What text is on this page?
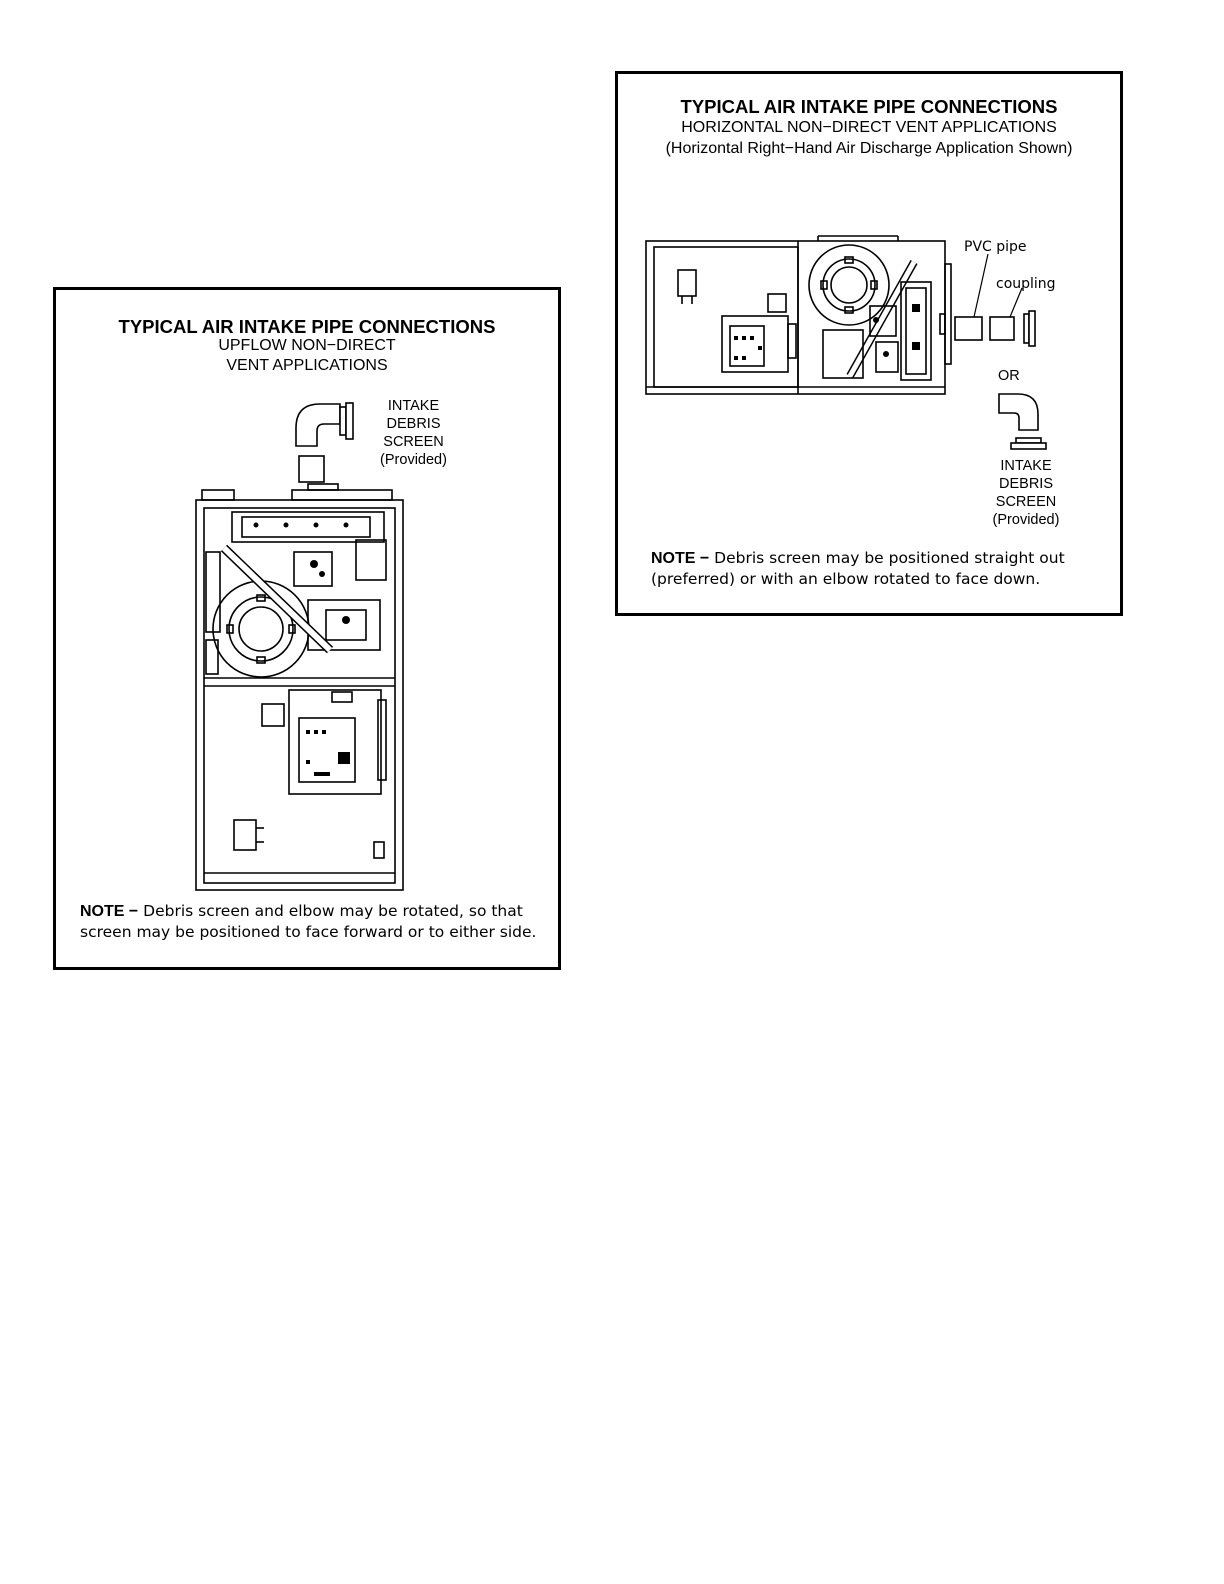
TYPICAL AIR INTAKE PIPE CONNECTIONS
HORIZONTAL NON−DIRECT VENT APPLICATIONS
(Horizontal Right−Hand Air Discharge Application Shown)
PVC pipe
coupling
OR
INTAKE
DEBRIS
SCREEN
(Provided)
NOTE − Debris screen may be positioned straight out
(preferred) or with an elbow rotated to face down.
TYPICAL AIR INTAKE PIPE CONNECTIONS
UPFLOW NON−DIRECT
VENT APPLICATIONS
INTAKE
DEBRIS
SCREEN
(Provided)
NOTE − Debris screen and elbow may be rotated, so that
screen may be positioned to face forward or to either side.
